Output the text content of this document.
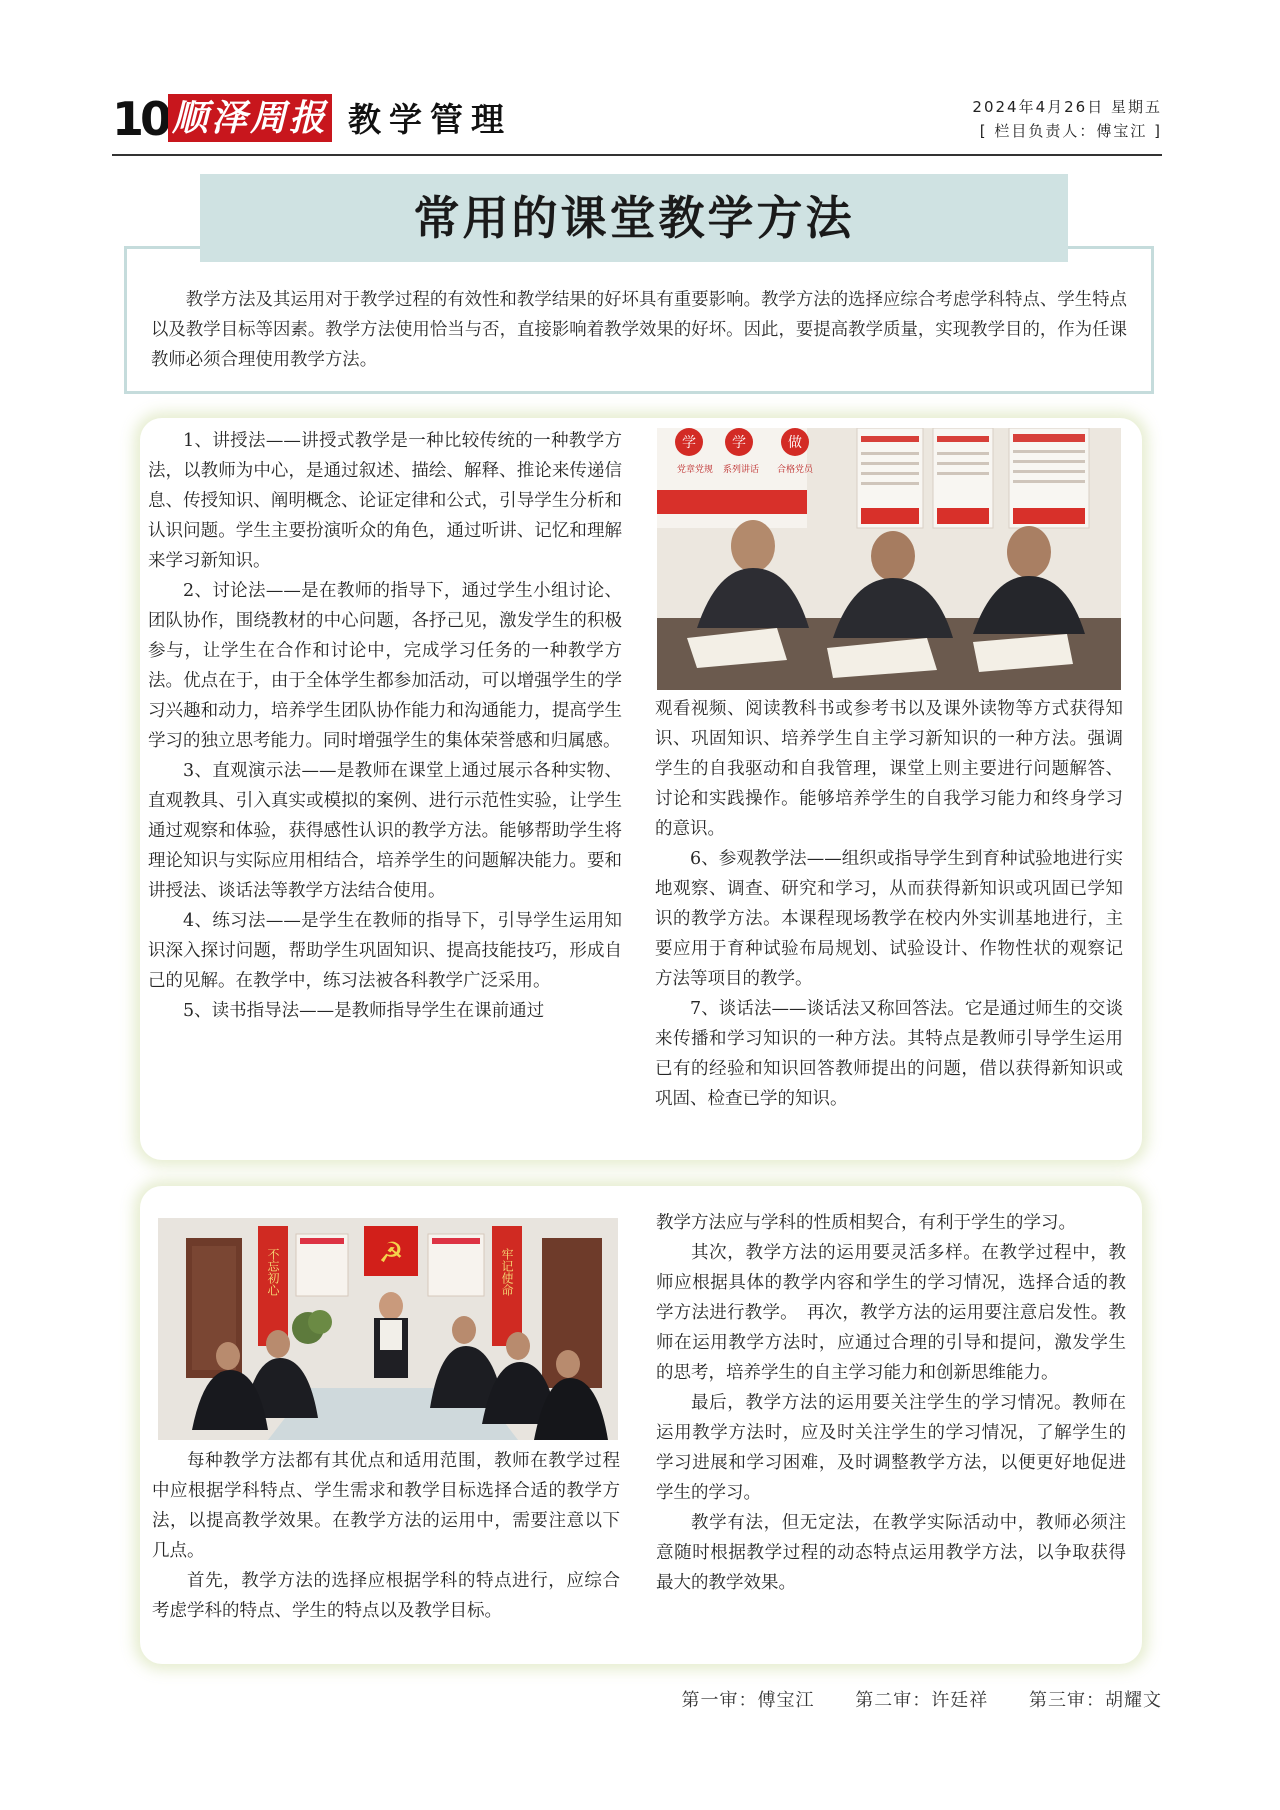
10 顺泽周报 教学管理	2024年4月26日 星期五
[ 栏目负责人：傅宝江 ]
教学方法及其运用对于教学过程的有效性和教学结果的好坏具有重要影响。教学方法的选择应综合考虑学科特点、学生特点以及教学目标等因素。教学方法使用恰当与否，直接影响着教学效果的好坏。因此，要提高教学质量，实现教学目的，作为任课教师必须合理使用教学方法。
常用的课堂教学方法

1、讲授法——讲授式教学是一种比较传统的一种教学方法，以教师为中心，是通过叙述、描绘、解释、推论来传递信息、传授知识、阐明概念、论证定律和公式，引导学生分析和认识问题。学生主要扮演听众的角色，通过听讲、记忆和理解来学习新知识。

2、讨论法——是在教师的指导下，通过学生小组讨论、团队协作，围绕教材的中心问题，各抒己见，激发学生的积极参与，让学生在合作和讨论中，完成学习任务的一种教学方法。优点在于，由于全体学生都参加活动，可以增强学生的学习兴趣和动力，培养学生团队协作能力和沟通能力，提高学生学习的独立思考能力。同时增强学生的集体荣誉感和归属感。

3、直观演示法——是教师在课堂上通过展示各种实物、直观教具、引入真实或模拟的案例、进行示范性实验，让学生通过观察和体验，获得感性认识的教学方法。能够帮助学生将理论知识与实际应用相结合，培养学生的问题解决能力。要和讲授法、谈话法等教学方法结合使用。

4、练习法——是学生在教师的指导下，引导学生运用知识深入探讨问题，帮助学生巩固知识、提高技能技巧，形成自己的见解。在教学中，练习法被各科教学广泛采用。

5、读书指导法——是教师指导学生在课前通过

学	学	做
党章党规 系列讲话 合格党员

观看视频、阅读教科书或参考书以及课外读物等方式获得知识、巩固知识、培养学生自主学习新知识的一种方法。强调学生的自我驱动和自我管理，课堂上则主要进行问题解答、讨论和实践操作。能够培养学生的自我学习能力和终身学习的意识。

6、参观教学法——组织或指导学生到育种试验地进行实地观察、调查、研究和学习，从而获得新知识或巩固已学知识的教学方法。本课程现场教学在校内外实训基地进行，主要应用于育种试验布局规划、试验设计、作物性状的观察记方法等项目的教学。

7、谈话法——谈话法又称回答法。它是通过师生的交谈来传播和学习知识的一种方法。其特点是教师引导学生运用已有的经验和知识回答教师提出的问题，借以获得新知识或巩固、检查已学的知识。

不忘初心	☭	牢记使命

每种教学方法都有其优点和适用范围，教师在教学过程中应根据学科特点、学生需求和教学目标选择合适的教学方法，以提高教学效果。在教学方法的运用中，需要注意以下几点。

首先，教学方法的选择应根据学科的特点进行，应综合考虑学科的特点、学生的特点以及教学目标。

教学方法应与学科的性质相契合，有利于学生的学习。

其次，教学方法的运用要灵活多样。在教学过程中，教师应根据具体的教学内容和学生的学习情况，选择合适的教学方法进行教学。　再次，教学方法的运用要注意启发性。教师在运用教学方法时，应通过合理的引导和提问，激发学生的思考，培养学生的自主学习能力和创新思维能力。

最后，教学方法的运用要关注学生的学习情况。教师在运用教学方法时，应及时关注学生的学习情况，了解学生的学习进展和学习困难，及时调整教学方法，以便更好地促进学生的学习。

教学有法，但无定法，在教学实际活动中，教师必须注意随时根据教学过程的动态特点运用教学方法，以争取获得最大的教学效果。

第一审：傅宝江 第二审：许廷祥 第三审：胡耀文
